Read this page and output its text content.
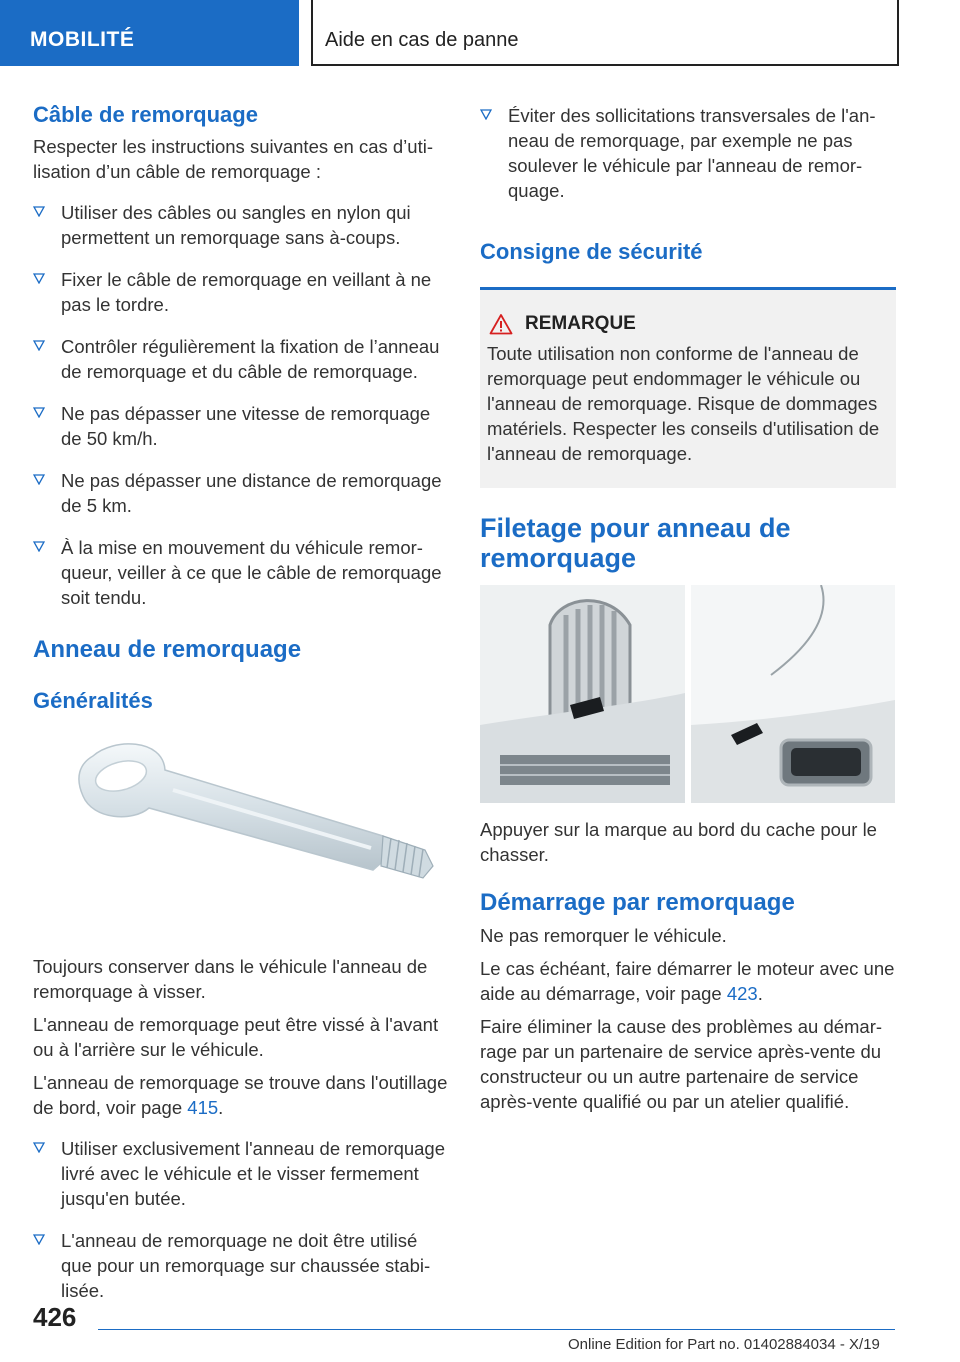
MOBILITÉ	Aide en cas de panne
Câble de remorquage

Respecter les instructions suivantes en cas d’utilisation d’un câble de remorquage :

Utiliser des câbles ou sangles en nylon qui permettent un remorquage sans à-coups.
Fixer le câble de remorquage en veillant à ne pas le tordre.
Contrôler régulièrement la fixation de l’anneau de remorquage et du câble de remorquage.
Ne pas dépasser une vitesse de remorquage de 50 km/h.
Ne pas dépasser une distance de remorquage de 5 km.
À la mise en mouvement du véhicule remorqueur, veiller à ce que le câble de remorquage soit tendu.
Anneau de remorquage
Généralités

Toujours conserver dans le véhicule l'anneau de remorquage à visser.

L'anneau de remorquage peut être vissé à l'avant ou à l'arrière sur le véhicule.

L'anneau de remorquage se trouve dans l'outillage de bord, voir page 415.

Utiliser exclusivement l'anneau de remorquage livré avec le véhicule et le visser fermement jusqu'en butée.
L'anneau de remorquage ne doit être utilisé que pour un remorquage sur chaussée stabilisée.
Éviter des sollicitations transversales de l'anneau de remorquage, par exemple ne pas soulever le véhicule par l'anneau de remorquage.
Consigne de sécurité
REMARQUE

Toute utilisation non conforme de l'anneau de remorquage peut endommager le véhicule ou l'anneau de remorquage. Risque de dommages matériels. Respecter les conseils d'utilisation de l'anneau de remorquage.

Filetage pour anneau de remorquage

Appuyer sur la marque au bord du cache pour le chasser.

Démarrage par remorquage

Ne pas remorquer le véhicule.

Le cas échéant, faire démarrer le moteur avec une aide au démarrage, voir page 423.

Faire éliminer la cause des problèmes au démarrage par un partenaire de service après-vente du constructeur ou un autre partenaire de service après-vente qualifié ou par un atelier qualifié.

426
Online Edition for Part no. 01402884034 - X/19
